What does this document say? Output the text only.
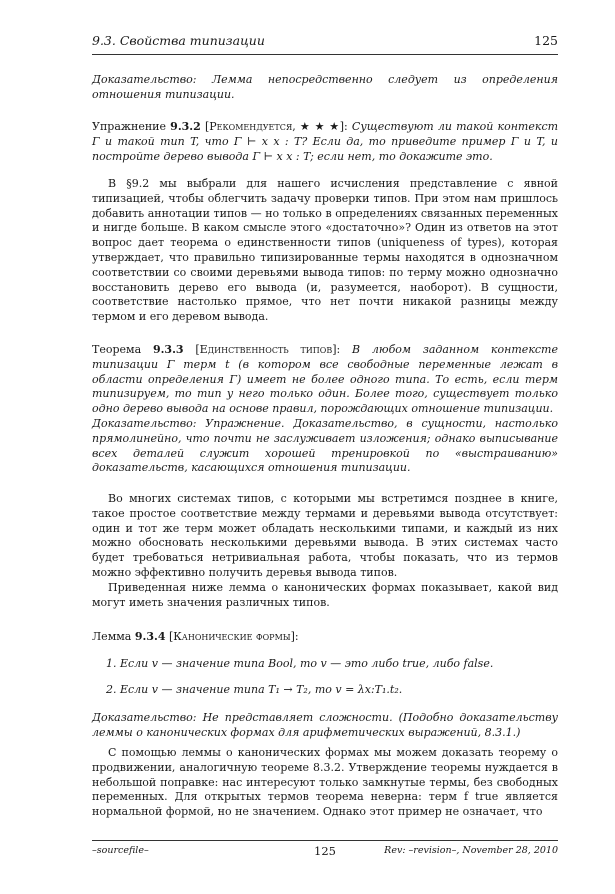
9.3. Свойства типизации	125
Доказательство: Лемма непосредственно следует из определения отношения типизации.
Упражнение 9.3.2 [Рекомендуется, ★ ★ ★]: Существуют ли такой контекст Γ и такой тип T, что Γ ⊢ x x : T? Если да, то приведите пример Γ и T, и постройте дерево вывода Γ ⊢ x x : T; если нет, то докажите это.
В §9.2 мы выбрали для нашего исчисления представление с явной типизацией, чтобы облегчить задачу проверки типов. При этом нам пришлось добавить аннотации типов — но только в определениях связанных переменных и нигде больше. В каком смысле этого «достаточно»? Один из ответов на этот вопрос дает теорема о единственности типов (uniqueness of types), которая утверждает, что правильно типизированные термы находятся в однозначном соответствии со своими деревьями вывода типов: по терму можно однозначно восстановить дерево его вывода (и, разумеется, наоборот). В сущности, соответствие настолько прямое, что нет почти никакой разницы между термом и его деревом вывода.
Теорема 9.3.3 [Единственность типов]: В любом заданном контексте типизации Γ терм t (в котором все свободные переменные лежат в области определения Γ) имеет не более одного типа. То есть, если терм типизируем, то тип у него только один. Более того, существует только одно дерево вывода на основе правил, порождающих отношение типизации.
Доказательство: Упражнение. Доказательство, в сущности, настолько прямолинейно, что почти не заслуживает изложения; однако выписывание всех деталей служит хорошей тренировкой по «выстраиванию» доказательств, касающихся отношения типизации.
Во многих системах типов, с которыми мы встретимся позднее в книге, такое простое соответствие между термами и деревьями вывода отсутствует: один и тот же терм может обладать несколькими типами, и каждый из них можно обосновать несколькими деревьями вывода. В этих системах часто будет требоваться нетривиальная работа, чтобы показать, что из термов можно эффективно получить деревья вывода типов.
Приведенная ниже лемма о канонических формах показывает, какой вид могут иметь значения различных типов.
Лемма 9.3.4 [Канонические формы]:
1. Если v — значение типа Bool, то v — это либо true, либо false.
2. Если v — значение типа T₁ → T₂, то v = λx:T₁.t₂.
Доказательство: Не представляет сложности. (Подобно доказательству леммы о канонических формах для арифметических выражений, 8.3.1.)
С помощью леммы о канонических формах мы можем доказать теорему о продвижении, аналогичную теореме 8.3.2. Утверждение теоремы нуждается в небольшой поправке: нас интересуют только замкнутые термы, без свободных переменных. Для открытых термов теорема неверна: терм f true является нормальной формой, но не значением. Однако этот пример не означает, что
–sourcefile–	125	Rev: –revision–, November 28, 2010
